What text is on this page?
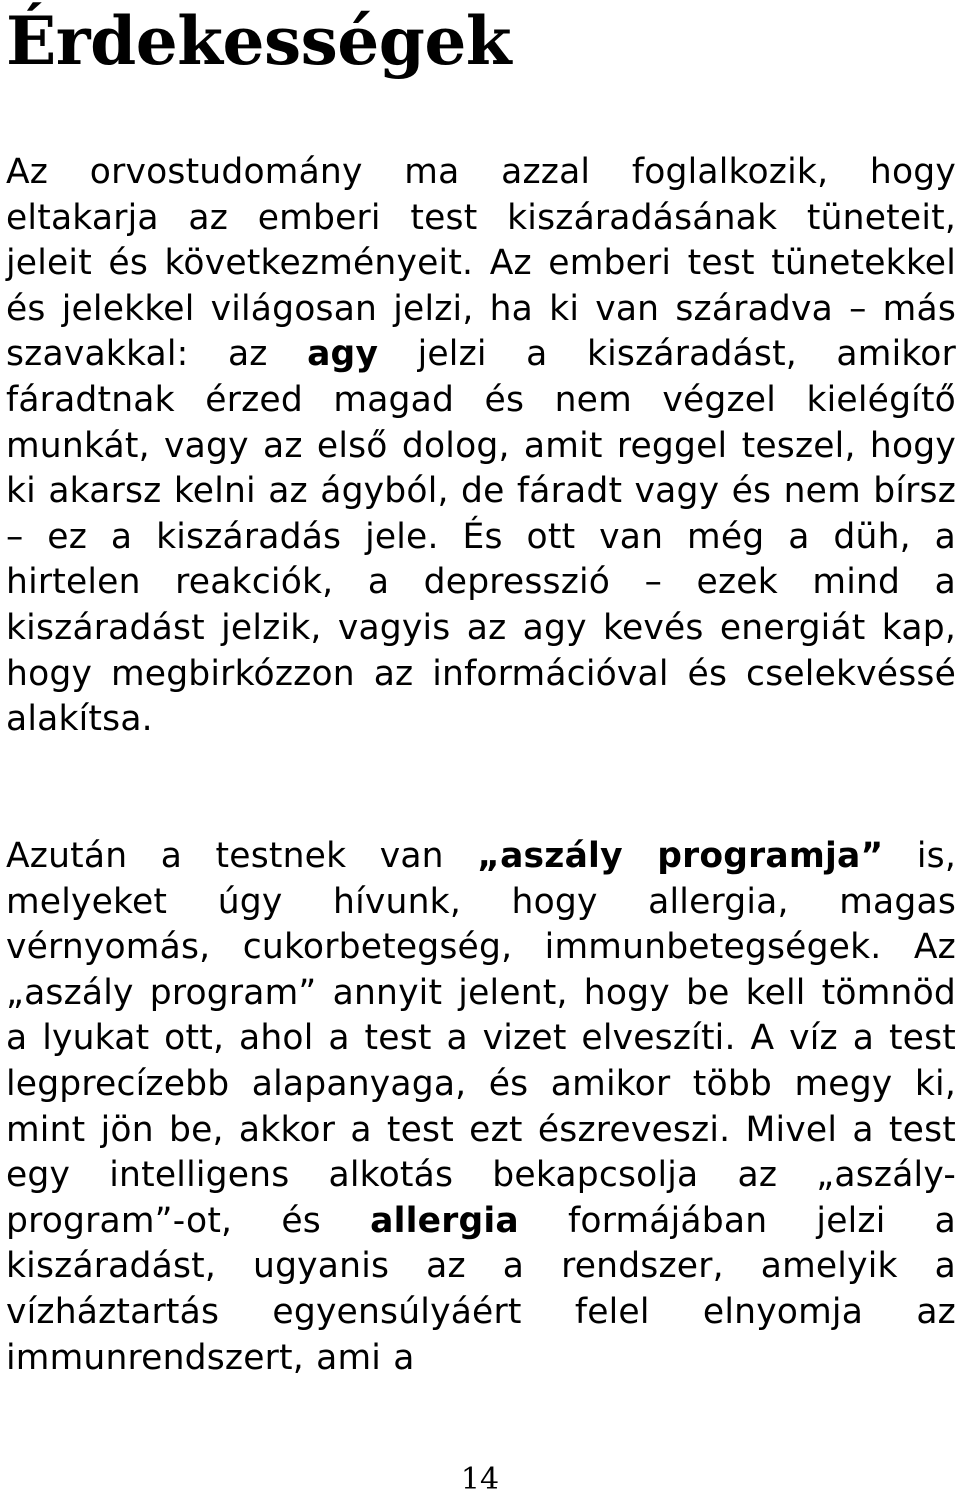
Érdekességek

Az orvostudomány ma azzal foglalkozik, hogy eltakarja az emberi test kiszáradásának tüneteit, jeleit és következményeit. Az emberi test tünetekkel és jelekkel világosan jelzi, ha ki van száradva – más szavakkal: az agy jelzi a kiszáradást, amikor fáradtnak érzed magad és nem végzel kielégítő munkát, vagy az első dolog, amit reggel teszel, hogy ki akarsz kelni az ágyból, de fáradt vagy és nem bírsz – ez a kiszáradás jele. És ott van még a düh, a hirtelen reakciók, a depresszió – ezek mind a kiszáradást jelzik, vagyis az agy kevés energiát kap, hogy megbirkózzon az információval és cselekvéssé alakítsa.

Azután a testnek van „aszály programja” is, melyeket úgy hívunk, hogy allergia, magas vérnyomás, cukorbetegség, immunbetegségek. Az „aszály program” annyit jelent, hogy be kell tömnöd a lyukat ott, ahol a test a vizet elveszíti. A víz a test legprecízebb alapanyaga, és amikor több megy ki, mint jön be, akkor a test ezt észreveszi. Mivel a test egy intelligens alkotás bekapcsolja az „aszály-program”-ot, és allergia formájában jelzi a kiszáradást, ugyanis az a rendszer, amelyik a vízháztartás egyensúlyáért felel elnyomja az immunrendszert, ami a

14
